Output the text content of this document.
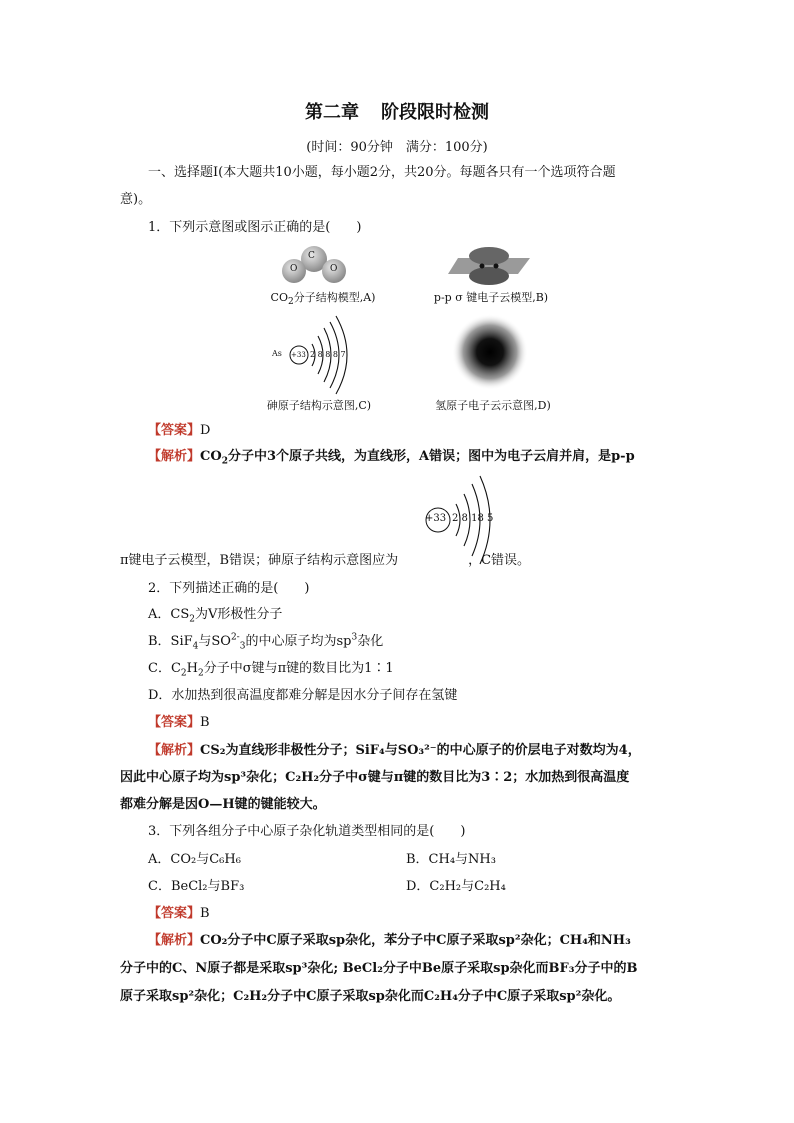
第二章 阶段限时检测
(时间：90分钟　满分：100分)
一、选择题Ⅰ(本大题共10小题，每小题2分，共20分。每题各只有一个选项符合题
意)。
1．下列示意图或图示正确的是(　　)
C
O	O
$CO_2$分子结构模型,A)	p-p σ 键电子云模型,B)
As +33 2 8 8 8 7
砷原子结构示意图,C)	氢原子电子云示意图,D)
【答案】D
【解析】$CO_2$分子中3个原子共线，为直线形，A错误；图中为电子云肩并肩，是p-p
+33 2 8 18 5
π键电子云模型，B错误；砷原子结构示意图应为	，C错误。
2．下列描述正确的是(　　)
A．$CS_2$为V形极性分子
B．SiF$_4$与$SO^{2-}_3$的中心原子均为$sp^3$杂化
C．$C_2H_2$分子中σ键与π键的数目比为1∶1
D．水加热到很高温度都难分解是因水分子间存在氢键
【答案】B
【解析】CS₂为直线形非极性分子；SiF₄与SO₃²⁻的中心原子的价层电子对数均为4，
因此中心原子均为sp³杂化；C₂H₂分子中σ键与π键的数目比为3∶2；水加热到很高温度
都难分解是因O—H键的键能较大。
3．下列各组分子中心原子杂化轨道类型相同的是(　　)
A．CO₂与C₆H₆	B．CH₄与NH₃
C．BeCl₂与BF₃	D．C₂H₂与C₂H₄
【答案】B
【解析】CO₂分子中C原子采取sp杂化，苯分子中C原子采取sp²杂化；CH₄和NH₃
分子中的C、N原子都是采取sp³杂化; BeCl₂分子中Be原子采取sp杂化而BF₃分子中的B
原子采取sp²杂化；C₂H₂分子中C原子采取sp杂化而C₂H₄分子中C原子采取sp²杂化。
